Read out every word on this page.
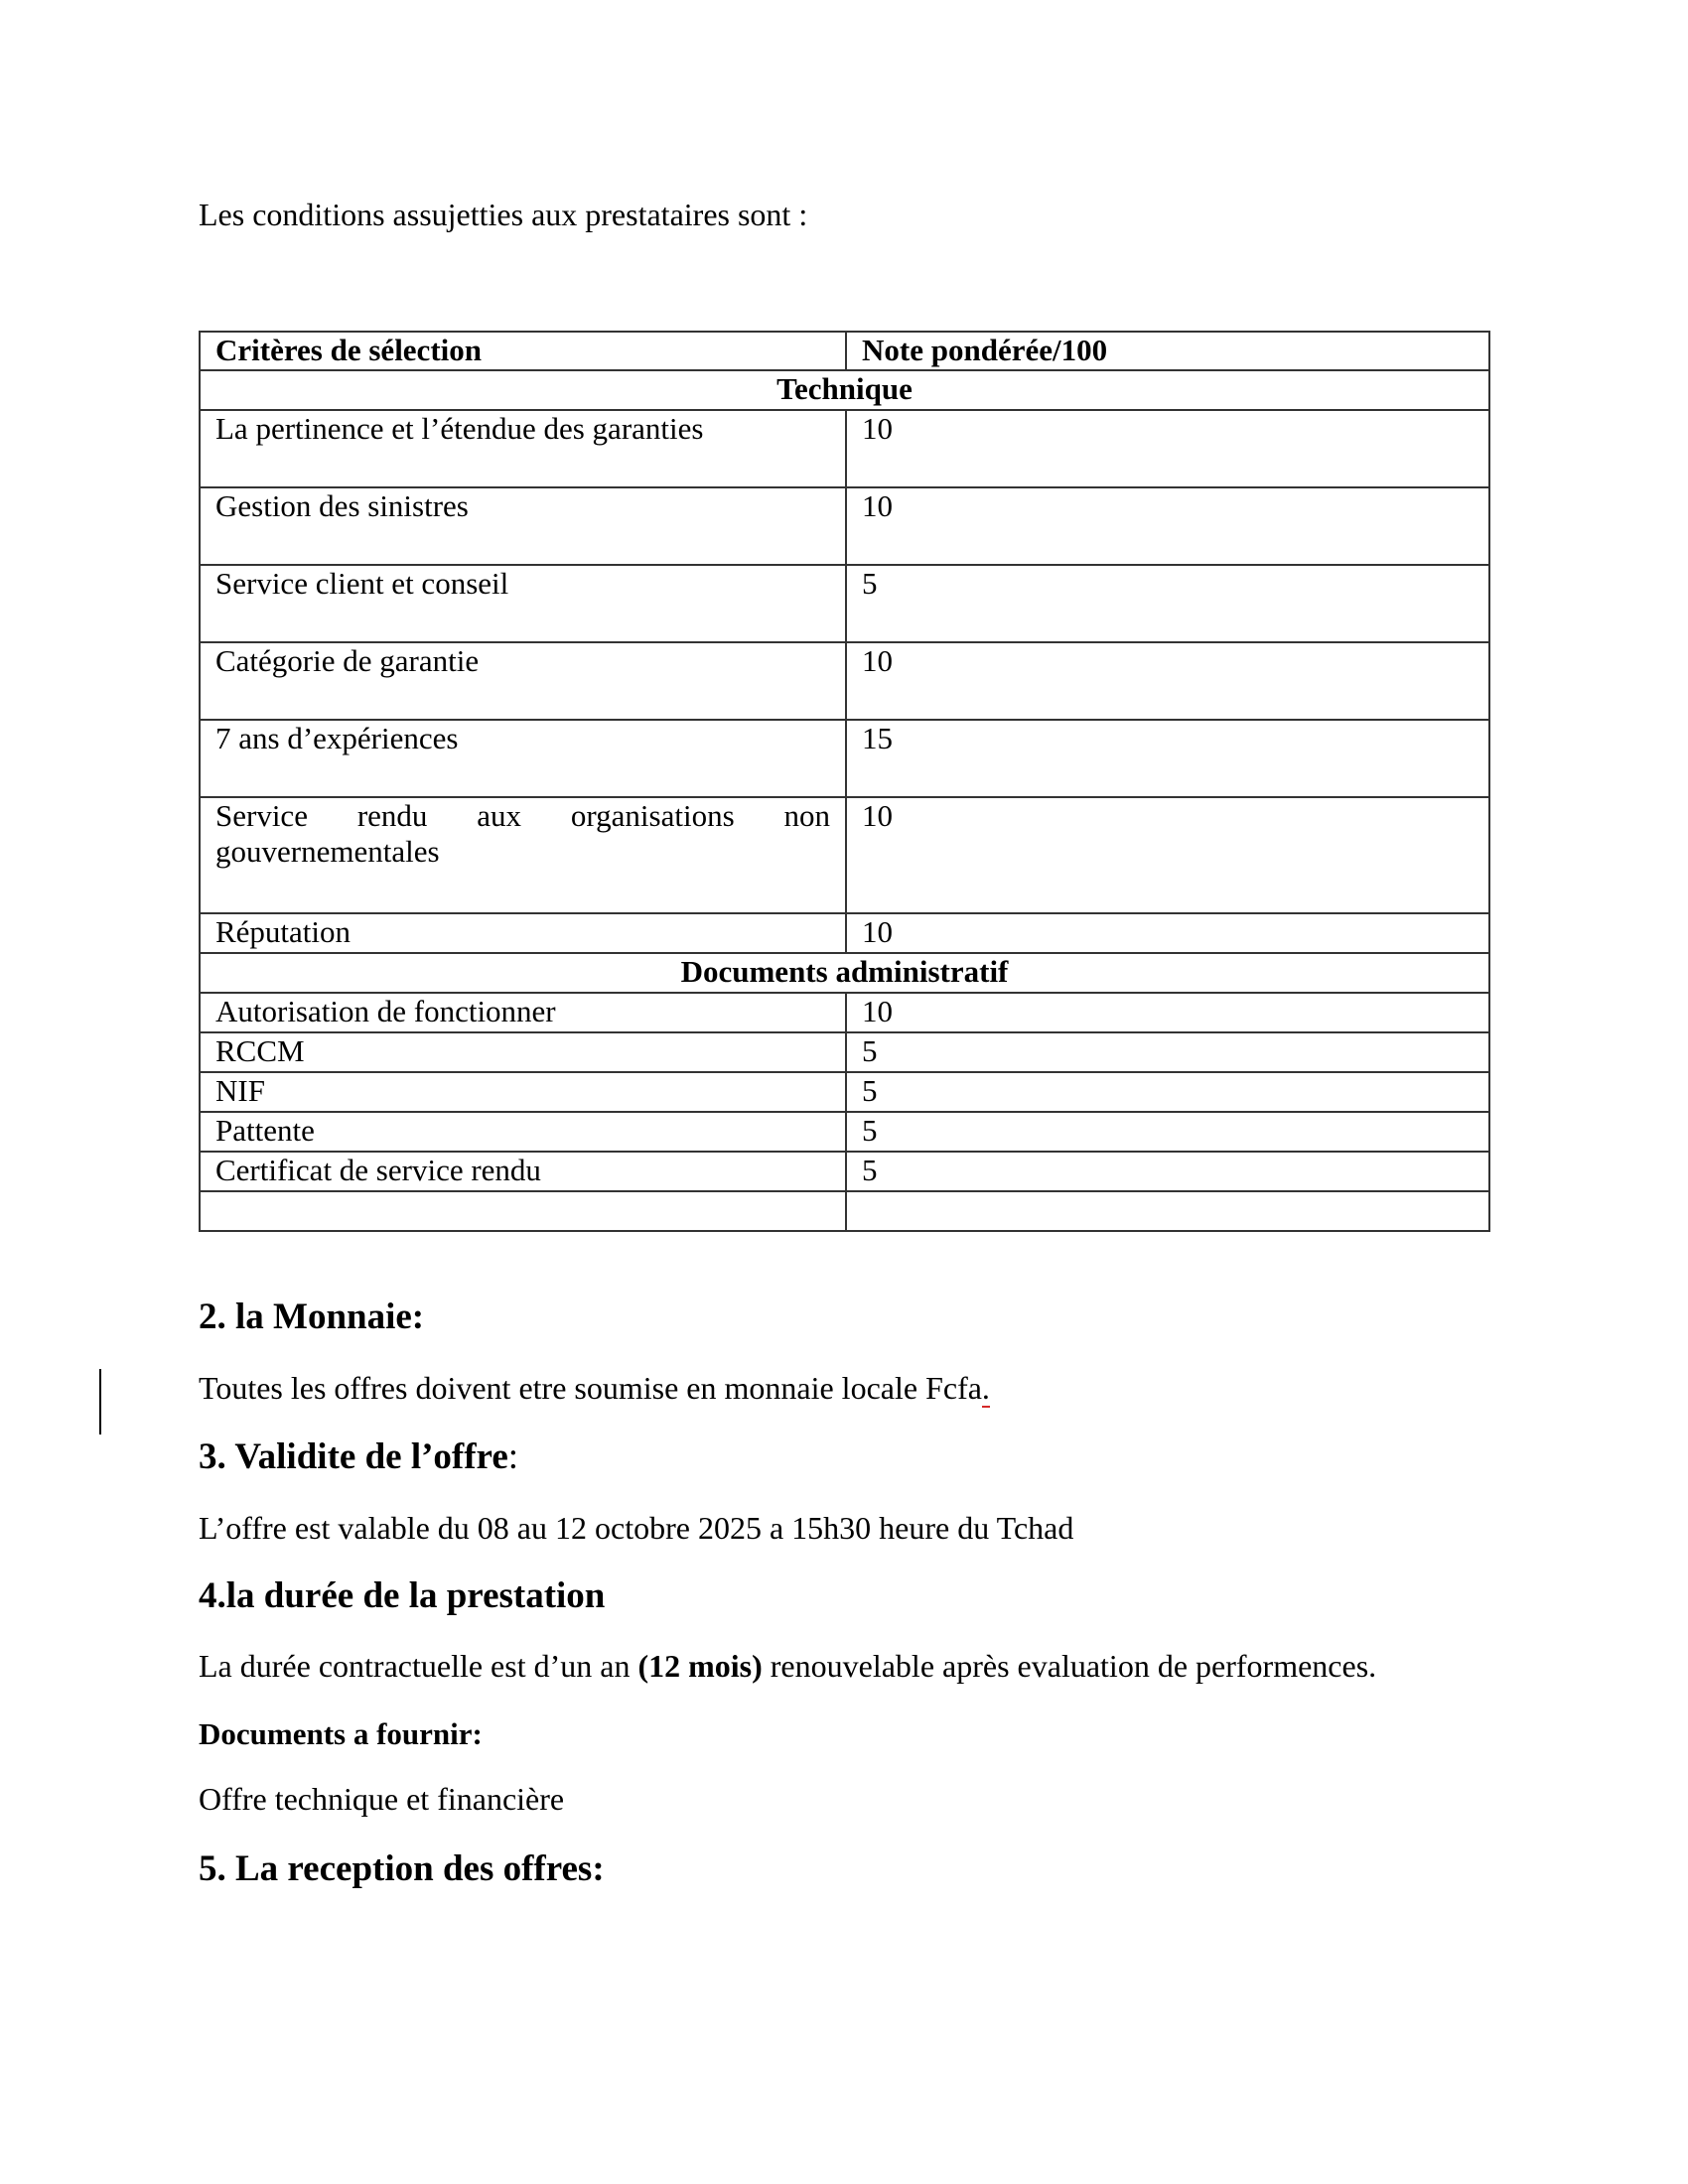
Les conditions assujetties aux prestataires sont :
Critères de sélection	Note pondérée/100
Technique	
La pertinence et l’étendue des garanties	10
Gestion des sinistres	10
Service client et conseil	5
Catégorie de garantie	10
7 ans d’expériences	15

Service rendu aux organisations non
gouvernementales	10
Réputation	10
Documents administratif	
Autorisation de fonctionner	10
RCCM	5
NIF	5
Pattente	5
Certificat de service rendu	5

2. la Monnaie:
Toutes les offres doivent etre soumise en monnaie locale Fcfa.
3. Validite de l’offre:
L’offre est valable du 08 au 12 octobre 2025 a 15h30 heure du Tchad
4.la durée de la prestation
La durée contractuelle est d’un an (12 mois) renouvelable après evaluation de performences.
Documents a fournir:
Offre technique et financière
5. La reception des offres:
